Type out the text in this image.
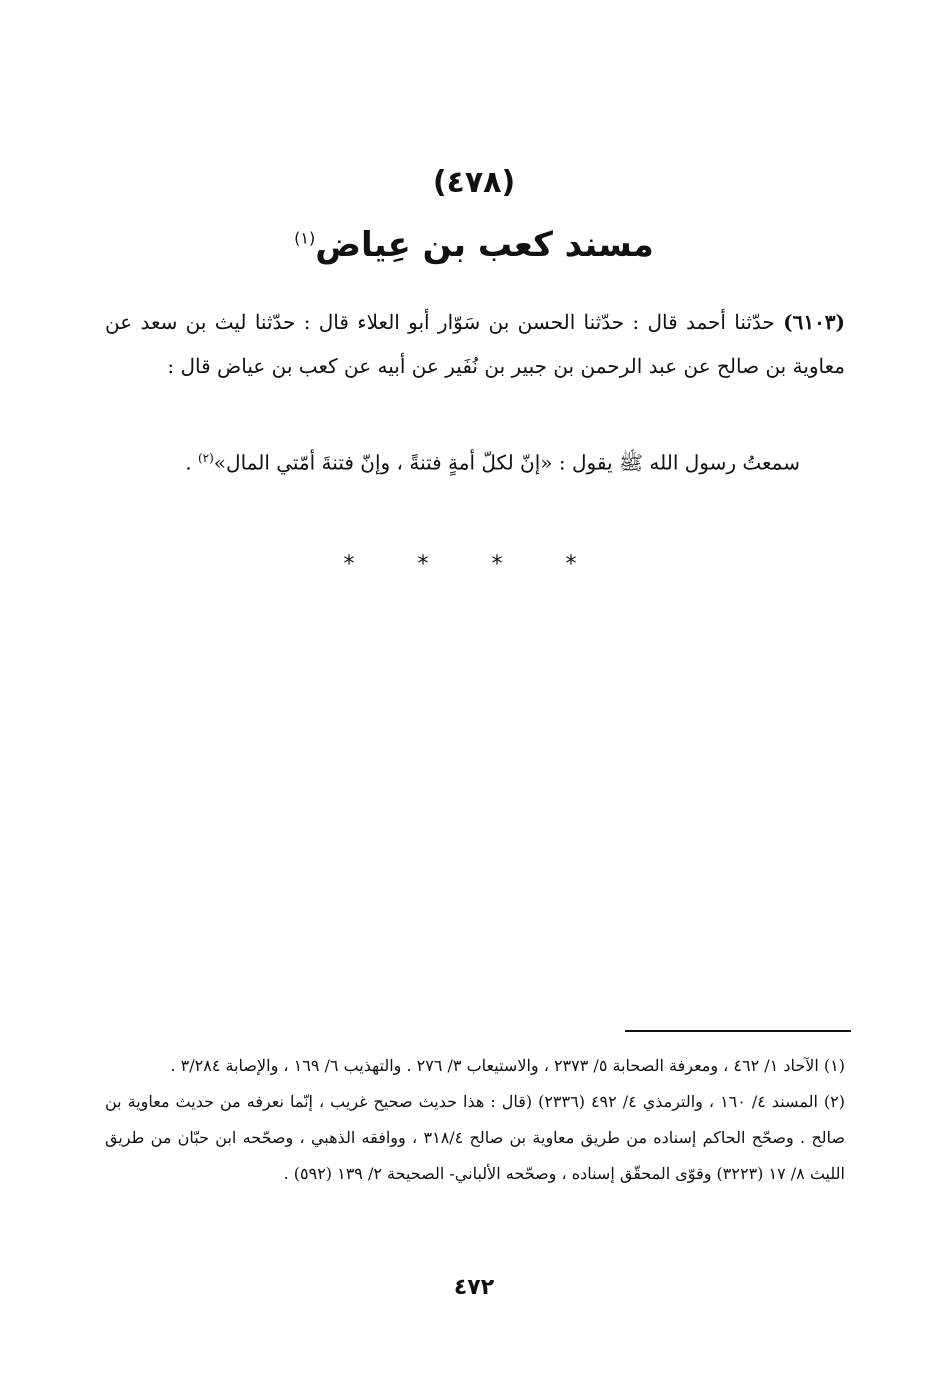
(٤٧٨)
مسند كعب بن عِياض$^{(١)}$
(٦١٠٣) حدّثنا أحمد قال : حدّثنا الحسن بن سَوّار أبو العلاء قال : حدّثنا ليث بن سعد عن معاوية بن صالح عن عبد الرحمن بن جبير بن نُفَير عن أبيه عن كعب بن عياض قال :
سمعتُ رسول الله ﷺ يقول : «إنّ لكلّ أمةٍ فتنةً ، وإنّ فتنةَ أمّتي المال»$^{(٢)}$ .
* * * *

(١) الآحاد ١/ ٤٦٢ ، ومعرفة الصحابة ٥/ ٢٣٧٣ ، والاستيعاب ٣/ ٢٧٦ . والتهذيب ٦/ ١٦٩ ، والإصابة ٣/٢٨٤ .

(٢) المسند ٤/ ١٦٠ ، والترمذي ٤/ ٤٩٢ (٢٣٣٦) (قال : هذا حديث صحيح غريب ، إنّما نعرفه من حديث معاوية بن صالح . وصحّح الحاكم إسناده من طريق معاوية بن صالح ٣١٨/٤ ، ووافقه الذهبي ، وصحّحه ابن حبّان من طريق الليث ٨/ ١٧ (٣٢٢٣) وقوّى المحقّق إسناده ، وصحّحه الألباني- الصحيحة ٢/ ١٣٩ (٥٩٢) .

٤٧٢
